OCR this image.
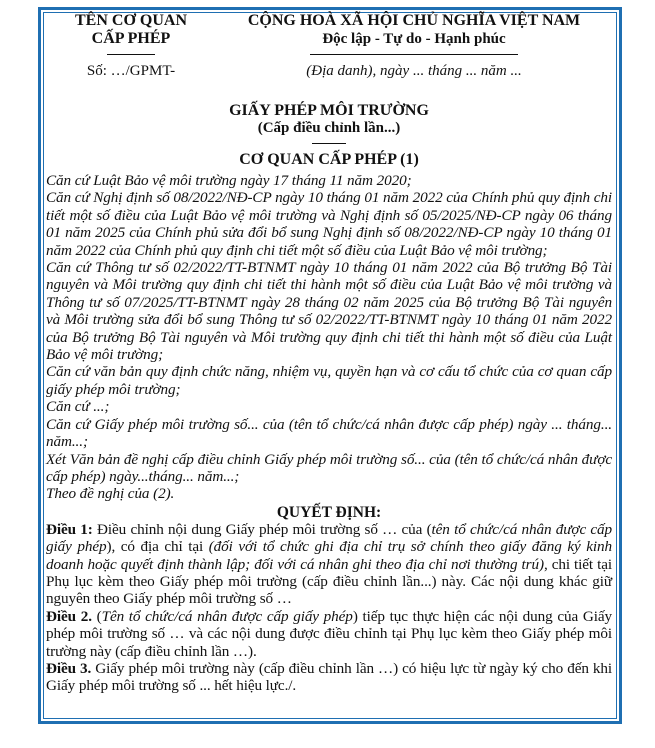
TÊN CƠ QUAN
CẤP PHÉP
Số: …/GPMT-
CỘNG HOÀ XÃ HỘI CHỦ NGHĨA VIỆT NAM
Độc lập - Tự do - Hạnh phúc
(Địa danh), ngày ... tháng ... năm ...
GIẤY PHÉP MÔI TRƯỜNG
(Cấp điều chỉnh lần...)
CƠ QUAN CẤP PHÉP (1)

Căn cứ Luật Bảo vệ môi trường ngày 17 tháng 11 năm 2020;

Căn cứ Nghị định số 08/2022/NĐ-CP ngày 10 tháng 01 năm 2022 của Chính phủ quy định chi tiết một số điều của Luật Bảo vệ môi trường và Nghị định số 05/2025/NĐ-CP ngày 06 tháng 01 năm 2025 của Chính phủ sửa đổi bổ sung Nghị định số 08/2022/NĐ-CP ngày 10 tháng 01 năm 2022 của Chính phủ quy định chi tiết một số điều của Luật Bảo vệ môi trường;

Căn cứ Thông tư số 02/2022/TT-BTNMT ngày 10 tháng 01 năm 2022 của Bộ trưởng Bộ Tài nguyên và Môi trường quy định chi tiết thi hành một số điều của Luật Bảo vệ môi trường và Thông tư số 07/2025/TT-BTNMT ngày 28 tháng 02 năm 2025 của Bộ trưởng Bộ Tài nguyên và Môi trường sửa đổi bổ sung Thông tư số 02/2022/TT-BTNMT ngày 10 tháng 01 năm 2022 của Bộ trưởng Bộ Tài nguyên và Môi trường quy định chi tiết thi hành một số điều của Luật Bảo vệ môi trường;

Căn cứ văn bản quy định chức năng, nhiệm vụ, quyền hạn và cơ cấu tổ chức của cơ quan cấp giấy phép môi trường;

Căn cứ ...;

Căn cứ Giấy phép môi trường số... của (tên tổ chức/cá nhân được cấp phép) ngày ... tháng... năm...;

Xét Văn bản đề nghị cấp điều chỉnh Giấy phép môi trường số... của (tên tổ chức/cá nhân được cấp phép) ngày...tháng... năm...;

Theo đề nghị của (2).

QUYẾT ĐỊNH:

Điều 1: Điều chỉnh nội dung Giấy phép môi trường số … của (tên tổ chức/cá nhân được cấp giấy phép), có địa chỉ tại (đối với tổ chức ghi địa chỉ trụ sở chính theo giấy đăng ký kinh doanh hoặc quyết định thành lập; đối với cá nhân ghi theo địa chỉ nơi thường trú), chi tiết tại Phụ lục kèm theo Giấy phép môi trường (cấp điều chỉnh lần...) này. Các nội dung khác giữ nguyên theo Giấy phép môi trường số …

Điều 2. (Tên tổ chức/cá nhân được cấp giấy phép) tiếp tục thực hiện các nội dung của Giấy phép môi trường số … và các nội dung được điều chỉnh tại Phụ lục kèm theo Giấy phép môi trường này (cấp điều chỉnh lần …).

Điều 3. Giấy phép môi trường này (cấp điều chỉnh lần …) có hiệu lực từ ngày ký cho đến khi Giấy phép môi trường số ... hết hiệu lực./.
